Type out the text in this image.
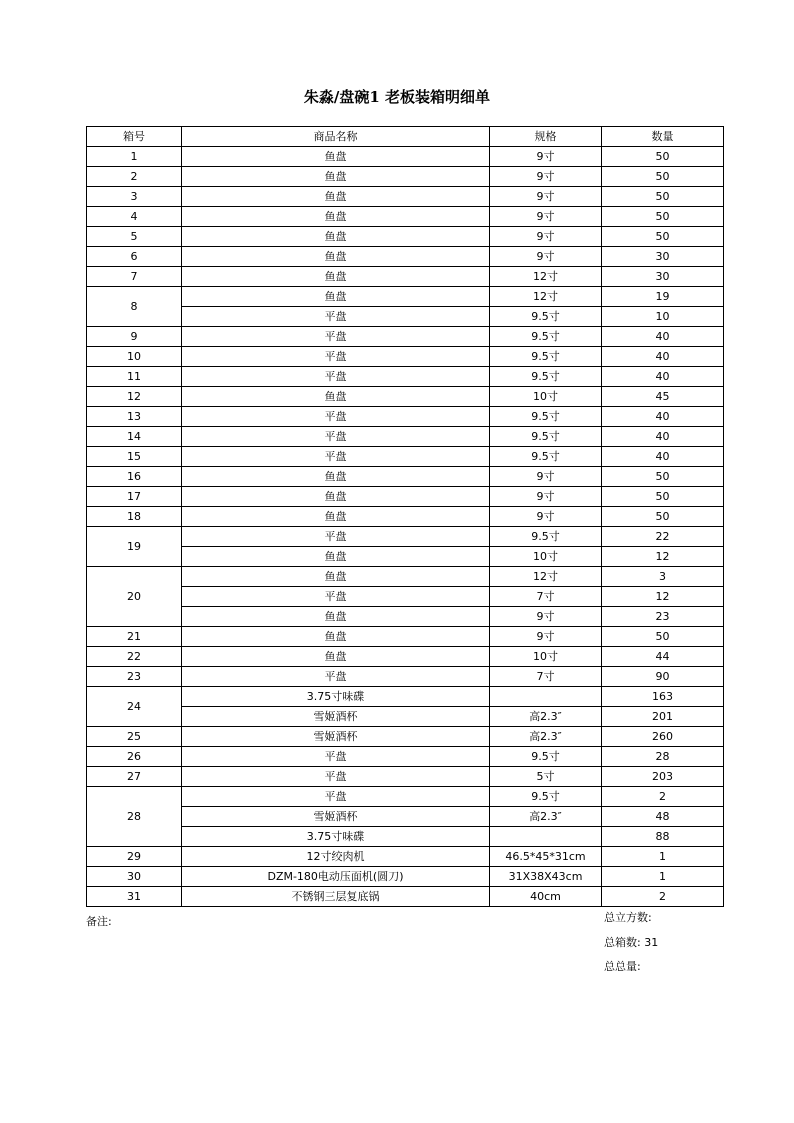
朱淼/盘碗1 老板装箱明细单
箱号	商品名称	规格	数量
1	鱼盘	9寸	50
2	鱼盘	9寸	50
3	鱼盘	9寸	50
4	鱼盘	9寸	50
5	鱼盘	9寸	50
6	鱼盘	9寸	30
7	鱼盘	12寸	30
8	鱼盘	12寸	19
	平盘	9.5寸	10
9	平盘	9.5寸	40
10	平盘	9.5寸	40
11	平盘	9.5寸	40
12	鱼盘	10寸	45
13	平盘	9.5寸	40
14	平盘	9.5寸	40
15	平盘	9.5寸	40
16	鱼盘	9寸	50
17	鱼盘	9寸	50
18	鱼盘	9寸	50
19	平盘	9.5寸	22
	鱼盘	10寸	12
20	鱼盘	12寸	3
	平盘	7寸	12
	鱼盘	9寸	23
21	鱼盘	9寸	50
22	鱼盘	10寸	44
23	平盘	7寸	90
24	3.75寸味碟		163
	雪姬酒杯	高2.3″	201
25	雪姬酒杯	高2.3″	260
26	平盘	9.5寸	28
27	平盘	5寸	203
28	平盘	9.5寸	2
	雪姬酒杯	高2.3″	48
	3.75寸味碟		88
29	12寸绞肉机	46.5*45*31cm	1
30	DZM-180电动压面机(圆刀)	31X38X43cm	1
31	不锈钢三层复底锅	40cm	2
备注:	总立方数:
总箱数: 31
总总量:
